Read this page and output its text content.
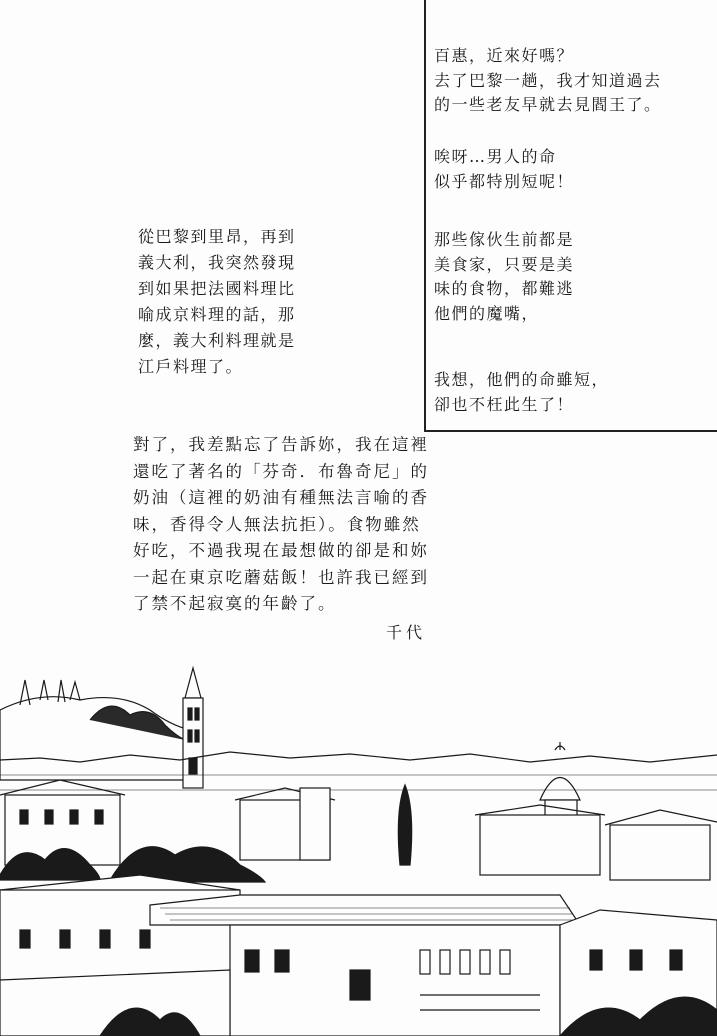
百惠，近來好嗎？
去了巴黎一趟，我才知道過去
的一些老友早就去見閻王了。
唉呀…男人的命
似乎都特別短呢！
那些傢伙生前都是
美食家，只要是美
味的食物，都難逃
他們的魔嘴，
我想，他們的命雖短，
卻也不枉此生了！
從巴黎到里昂，再到
義大利，我突然發現
到如果把法國料理比
喻成京料理的話，那
麼，義大利料理就是
江戶料理了。
對了，我差點忘了告訴妳，我在這裡
還吃了著名的「芬奇．布魯奇尼」的
奶油（這裡的奶油有種無法言喻的香
味，香得令人無法抗拒）。食物雖然
好吃，不過我現在最想做的卻是和妳
一起在東京吃蘑菇飯！也許我已經到
了禁不起寂寞的年齡了。
千代
